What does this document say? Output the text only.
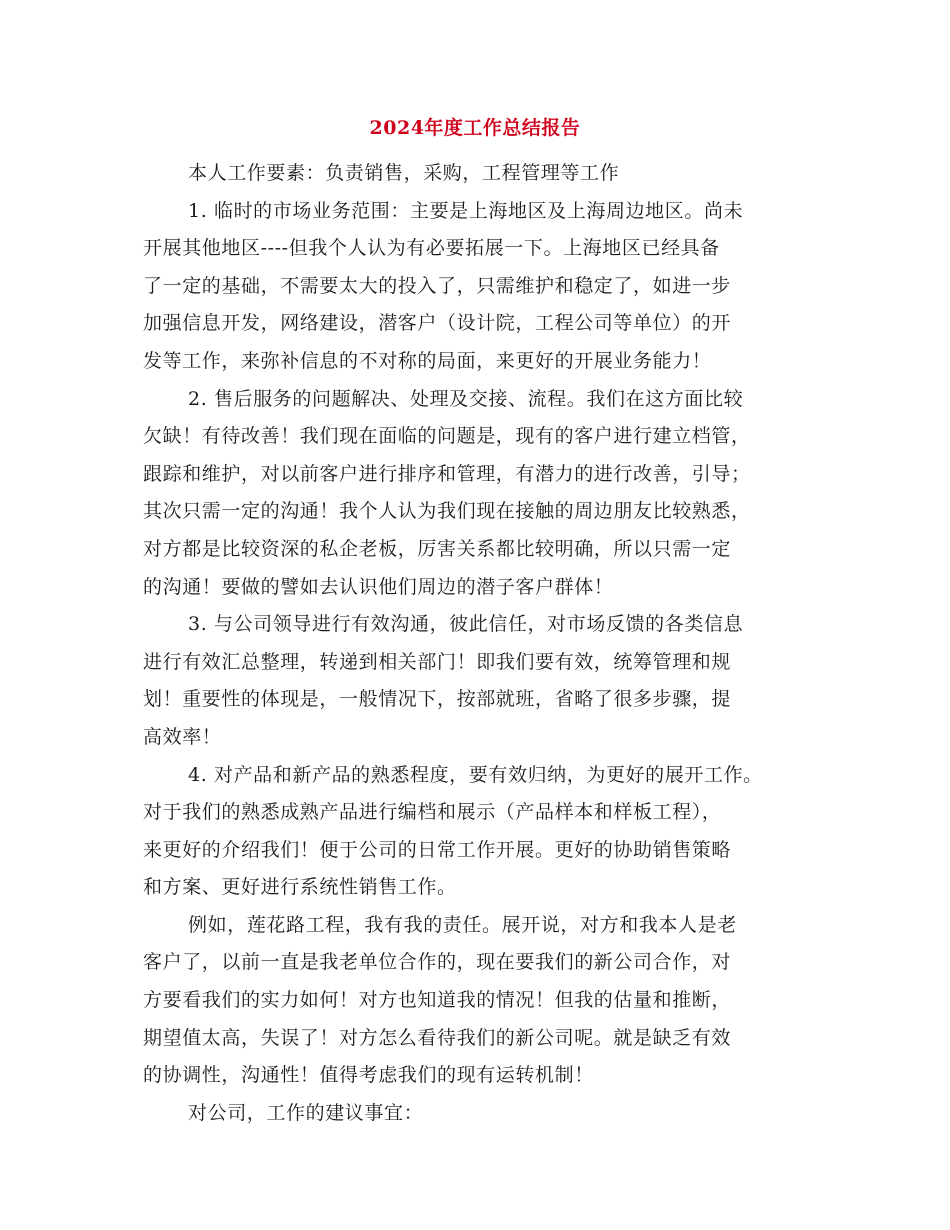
2024年度工作总结报告
本人工作要素：负责销售，采购，工程管理等工作
1. 临时的市场业务范围：主要是上海地区及上海周边地区。尚未
开展其他地区----但我个人认为有必要拓展一下。上海地区已经具备
了一定的基础，不需要太大的投入了，只需维护和稳定了，如进一步
加强信息开发，网络建设，潜客户（设计院，工程公司等单位）的开
发等工作，来弥补信息的不对称的局面，来更好的开展业务能力！
2. 售后服务的问题解决、处理及交接、流程。我们在这方面比较
欠缺！有待改善！我们现在面临的问题是，现有的客户进行建立档管，
跟踪和维护，对以前客户进行排序和管理，有潜力的进行改善，引导；
其次只需一定的沟通！我个人认为我们现在接触的周边朋友比较熟悉，
对方都是比较资深的私企老板，厉害关系都比较明确，所以只需一定
的沟通！要做的譬如去认识他们周边的潜子客户群体！
3. 与公司领导进行有效沟通，彼此信任，对市场反馈的各类信息
进行有效汇总整理，转递到相关部门！即我们要有效，统筹管理和规
划！重要性的体现是，一般情况下，按部就班，省略了很多步骤，提
高效率！
4. 对产品和新产品的熟悉程度，要有效归纳，为更好的展开工作。
对于我们的熟悉成熟产品进行编档和展示（产品样本和样板工程），
来更好的介绍我们！便于公司的日常工作开展。更好的协助销售策略
和方案、更好进行系统性销售工作。
例如，莲花路工程，我有我的责任。展开说，对方和我本人是老
客户了，以前一直是我老单位合作的，现在要我们的新公司合作，对
方要看我们的实力如何！对方也知道我的情况！但我的估量和推断，
期望值太高，失误了！对方怎么看待我们的新公司呢。就是缺乏有效
的协调性，沟通性！值得考虑我们的现有运转机制！
对公司，工作的建议事宜：
